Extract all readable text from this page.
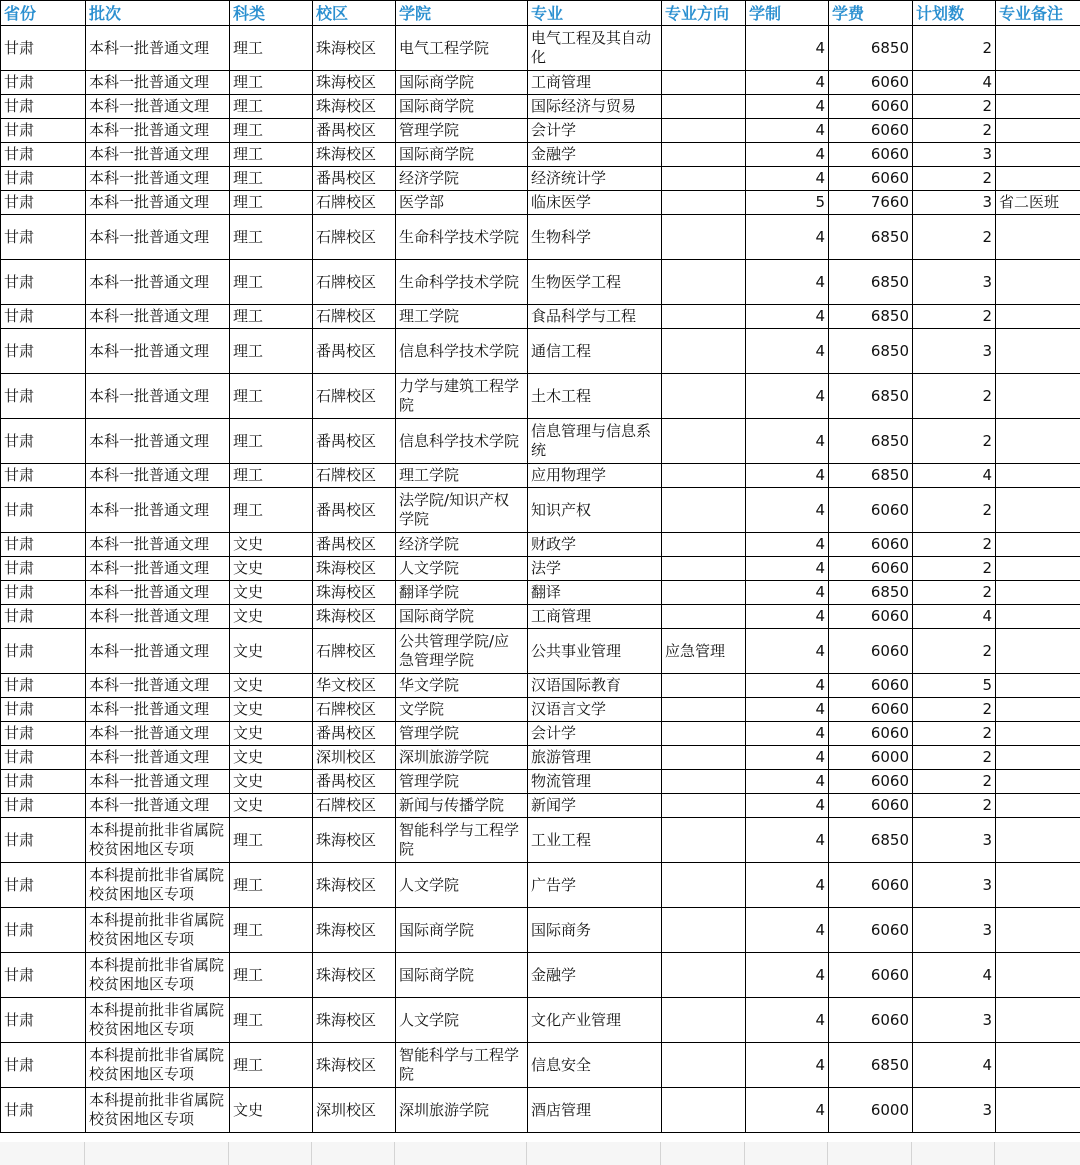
省份	批次	科类	校区	学院	专业	专业方向	学制	学费	计划数	专业备注
甘肃	本科一批普通文理	理工	珠海校区	电气工程学院	电气工程及其自动化		4	6850	2	
甘肃	本科一批普通文理	理工	珠海校区	国际商学院	工商管理		4	6060	4	
甘肃	本科一批普通文理	理工	珠海校区	国际商学院	国际经济与贸易		4	6060	2	
甘肃	本科一批普通文理	理工	番禺校区	管理学院	会计学		4	6060	2	
甘肃	本科一批普通文理	理工	珠海校区	国际商学院	金融学		4	6060	3	
甘肃	本科一批普通文理	理工	番禺校区	经济学院	经济统计学		4	6060	2	
甘肃	本科一批普通文理	理工	石牌校区	医学部	临床医学		5	7660	3	省二医班
甘肃	本科一批普通文理	理工	石牌校区	生命科学技术学院	生物科学		4	6850	2	
甘肃	本科一批普通文理	理工	石牌校区	生命科学技术学院	生物医学工程		4	6850	3	
甘肃	本科一批普通文理	理工	石牌校区	理工学院	食品科学与工程		4	6850	2	
甘肃	本科一批普通文理	理工	番禺校区	信息科学技术学院	通信工程		4	6850	3	
甘肃	本科一批普通文理	理工	石牌校区	力学与建筑工程学院	土木工程		4	6850	2	
甘肃	本科一批普通文理	理工	番禺校区	信息科学技术学院	信息管理与信息系统		4	6850	2	
甘肃	本科一批普通文理	理工	石牌校区	理工学院	应用物理学		4	6850	4	
甘肃	本科一批普通文理	理工	番禺校区	法学院/知识产权学院	知识产权		4	6060	2	
甘肃	本科一批普通文理	文史	番禺校区	经济学院	财政学		4	6060	2	
甘肃	本科一批普通文理	文史	珠海校区	人文学院	法学		4	6060	2	
甘肃	本科一批普通文理	文史	珠海校区	翻译学院	翻译		4	6850	2	
甘肃	本科一批普通文理	文史	珠海校区	国际商学院	工商管理		4	6060	4	
甘肃	本科一批普通文理	文史	石牌校区	公共管理学院/应急管理学院	公共事业管理	应急管理	4	6060	2	
甘肃	本科一批普通文理	文史	华文校区	华文学院	汉语国际教育		4	6060	5	
甘肃	本科一批普通文理	文史	石牌校区	文学院	汉语言文学		4	6060	2	
甘肃	本科一批普通文理	文史	番禺校区	管理学院	会计学		4	6060	2	
甘肃	本科一批普通文理	文史	深圳校区	深圳旅游学院	旅游管理		4	6000	2	
甘肃	本科一批普通文理	文史	番禺校区	管理学院	物流管理		4	6060	2	
甘肃	本科一批普通文理	文史	石牌校区	新闻与传播学院	新闻学		4	6060	2	
甘肃	本科提前批非省属院校贫困地区专项	理工	珠海校区	智能科学与工程学院	工业工程		4	6850	3	
甘肃	本科提前批非省属院校贫困地区专项	理工	珠海校区	人文学院	广告学		4	6060	3	
甘肃	本科提前批非省属院校贫困地区专项	理工	珠海校区	国际商学院	国际商务		4	6060	3	
甘肃	本科提前批非省属院校贫困地区专项	理工	珠海校区	国际商学院	金融学		4	6060	4	
甘肃	本科提前批非省属院校贫困地区专项	理工	珠海校区	人文学院	文化产业管理		4	6060	3	
甘肃	本科提前批非省属院校贫困地区专项	理工	珠海校区	智能科学与工程学院	信息安全		4	6850	4	
甘肃	本科提前批非省属院校贫困地区专项	文史	深圳校区	深圳旅游学院	酒店管理		4	6000	3	
